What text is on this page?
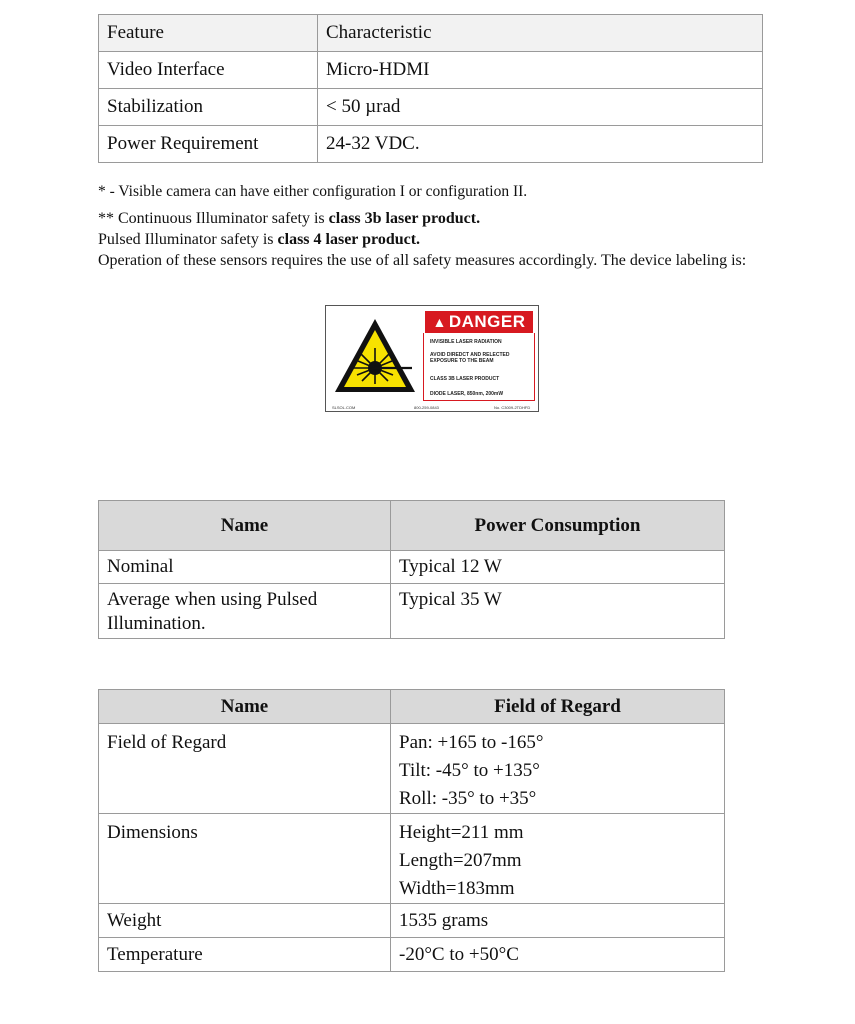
Feature	Characteristic
Video Interface	Micro-HDMI
Stabilization	< 50 µrad
Power Requirement	24-32 VDC.
* - Visible camera can have either configuration I or configuration II.
** Continuous Illuminator safety is class 3b laser product.
Pulsed Illuminator safety is class 4 laser product.
Operation of these sensors requires the use of all safety measures accordingly. The device labeling is:
▲ DANGER
INVISIBLE LASER RADIATION
AVOID DIREDCT AND RELECTED EXPOSURE TO THE BEAM
CLASS 3B LASER PRODUCT
DIODE LASER, 850nm, 200mW
SLSOL.COM	800-259-0843	No. C3009-2TDHFD
Name	Power Consumption
Nominal	Typical 12 W
Average when using Pulsed Illumination.	Typical 35 W
Name	Field of Regard
Field of Regard	Pan: +165 to -165°
Tilt: -45° to +135°
Roll: -35° to +35°

Dimensions	Height=211 mm
Length=207mm
Width=183mm

Weight	1535 grams
Temperature	-20°C to +50°C
